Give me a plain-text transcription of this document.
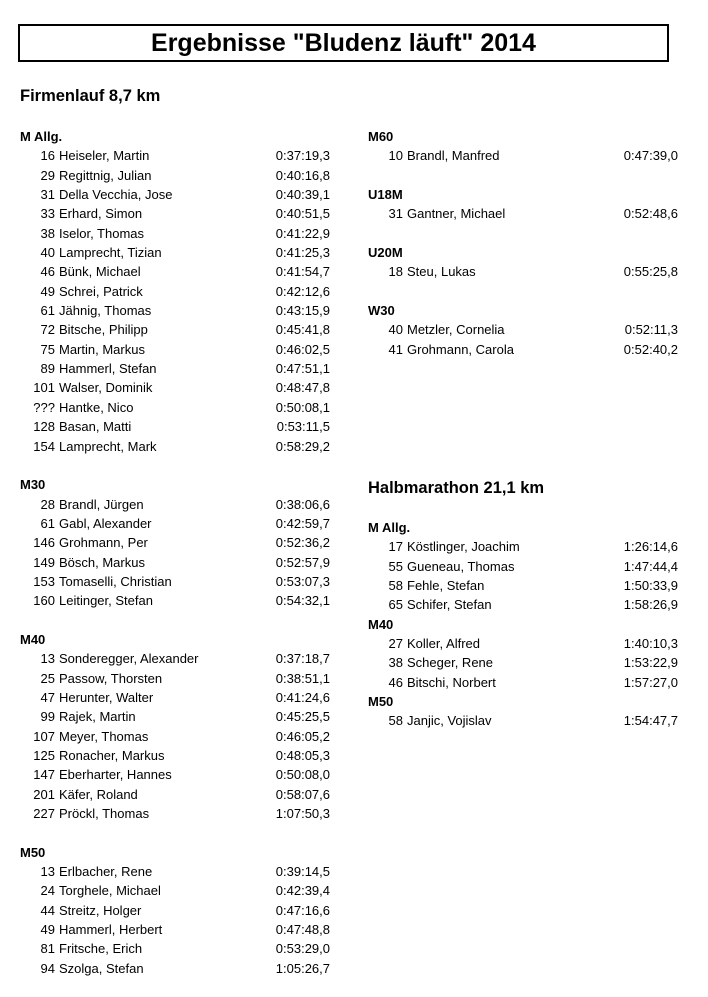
Ergebnisse "Bludenz läuft" 2014
Firmenlauf 8,7 km
Halbmarathon 21,1 km
M Allg.
16 Heiseler, Martin	0:37:19,3
29 Regittnig, Julian	0:40:16,8
31 Della Vecchia, Jose	0:40:39,1
33 Erhard, Simon	0:40:51,5
38 Iselor, Thomas	0:41:22,9
40 Lamprecht, Tizian	0:41:25,3
46 Bünk, Michael	0:41:54,7
49 Schrei, Patrick	0:42:12,6
61 Jähnig, Thomas	0:43:15,9
72 Bitsche, Philipp	0:45:41,8
75 Martin, Markus	0:46:02,5
89 Hammerl, Stefan	0:47:51,1
101 Walser, Dominik	0:48:47,8
??? Hantke, Nico	0:50:08,1
128 Basan, Matti	0:53:11,5
154 Lamprecht, Mark	0:58:29,2
M30
28 Brandl, Jürgen	0:38:06,6
61 Gabl, Alexander	0:42:59,7
146 Grohmann, Per	0:52:36,2
149 Bösch, Markus	0:52:57,9
153 Tomaselli, Christian	0:53:07,3
160 Leitinger, Stefan	0:54:32,1
M40
13 Sonderegger, Alexander	0:37:18,7
25 Passow, Thorsten	0:38:51,1
47 Herunter, Walter	0:41:24,6
99 Rajek, Martin	0:45:25,5
107 Meyer, Thomas	0:46:05,2
125 Ronacher, Markus	0:48:05,3
147 Eberharter, Hannes	0:50:08,0
201 Käfer, Roland	0:58:07,6
227 Pröckl, Thomas	1:07:50,3
M50
13 Erlbacher, Rene	0:39:14,5
24 Torghele, Michael	0:42:39,4
44 Streitz, Holger	0:47:16,6
49 Hammerl, Herbert	0:47:48,8
81 Fritsche, Erich	0:53:29,0
94 Szolga, Stefan	1:05:26,7
M60
10 Brandl, Manfred	0:47:39,0
U18M
31 Gantner, Michael	0:52:48,6
U20M
18 Steu, Lukas	0:55:25,8
W30
40 Metzler, Cornelia	0:52:11,3
41 Grohmann, Carola	0:52:40,2
M Allg.
17 Köstlinger, Joachim	1:26:14,6
55 Gueneau, Thomas	1:47:44,4
58 Fehle, Stefan	1:50:33,9
65 Schifer, Stefan	1:58:26,9
M40
27 Koller, Alfred	1:40:10,3
38 Scheger, Rene	1:53:22,9
46 Bitschi, Norbert	1:57:27,0
M50
58 Janjic, Vojislav	1:54:47,7
